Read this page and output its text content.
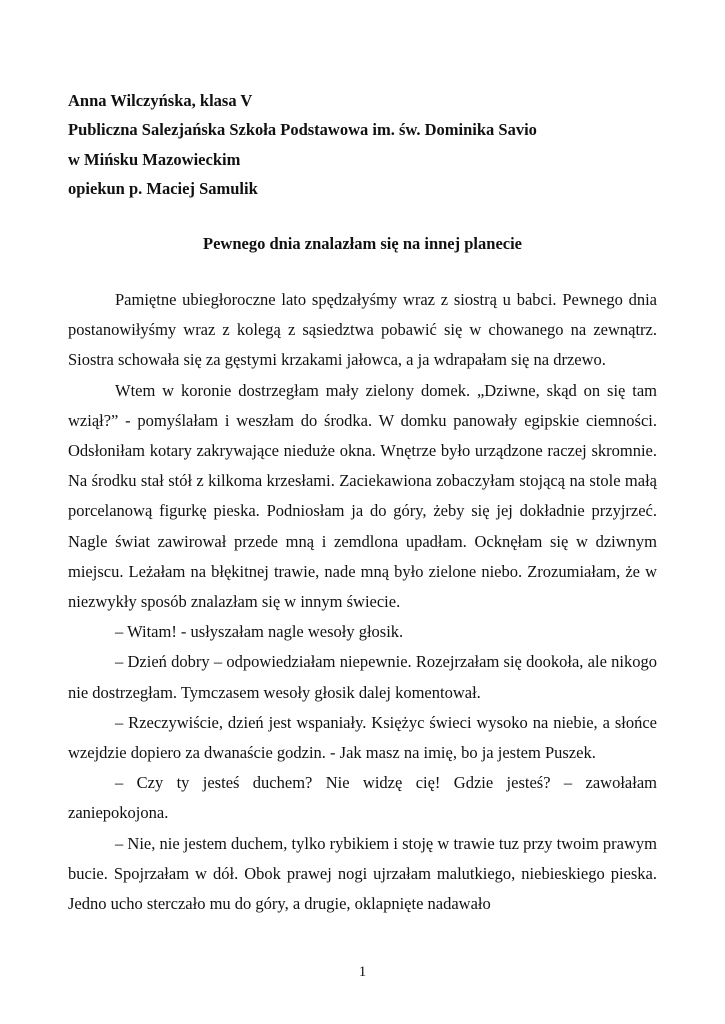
Anna Wilczyńska, klasa V
Publiczna Salezjańska Szkoła Podstawowa im. św. Dominika Savio
w Mińsku Mazowieckim
opiekun p. Maciej Samulik
Pewnego dnia znalazłam się na innej planecie

Pamiętne ubiegłoroczne lato spędzałyśmy wraz z siostrą u babci. Pewnego dnia postanowiłyśmy wraz z kolegą z sąsiedztwa pobawić się w chowanego na zewnątrz. Siostra schowała się za gęstymi krzakami jałowca, a ja wdrapałam się na drzewo.

Wtem w koronie dostrzegłam mały zielony domek. „Dziwne, skąd on się tam wziął?” - pomyślałam i weszłam do środka. W domku panowały egipskie ciemności. Odsłoniłam kotary zakrywające nieduże okna. Wnętrze było urządzone raczej skromnie. Na środku stał stół z kilkoma krzesłami. Zaciekawiona zobaczyłam stojącą na stole małą porcelanową figurkę pieska. Podniosłam ja do góry, żeby się jej dokładnie przyjrzeć. Nagle świat zawirował przede mną i zemdlona upadłam. Ocknęłam się w dziwnym miejscu. Leżałam na błękitnej trawie, nade mną było zielone niebo. Zrozumiałam, że w niezwykły sposób znalazłam się w innym świecie.

– Witam! - usłyszałam nagle wesoły głosik.

– Dzień dobry – odpowiedziałam niepewnie. Rozejrzałam się dookoła, ale nikogo nie dostrzegłam. Tymczasem wesoły głosik dalej komentował.

– Rzeczywiście, dzień jest wspaniały. Księżyc świeci wysoko na niebie, a słońce wzejdzie dopiero za dwanaście godzin. - Jak masz na imię, bo ja jestem Puszek.

– Czy ty jesteś duchem? Nie widzę cię! Gdzie jesteś? – zawołałam zaniepokojona.

– Nie, nie jestem duchem, tylko rybikiem i stoję w trawie tuz przy twoim prawym bucie. Spojrzałam w dół. Obok prawej nogi ujrzałam malutkiego, niebieskiego pieska. Jedno ucho sterczało mu do góry, a drugie, oklapnięte nadawało

1
